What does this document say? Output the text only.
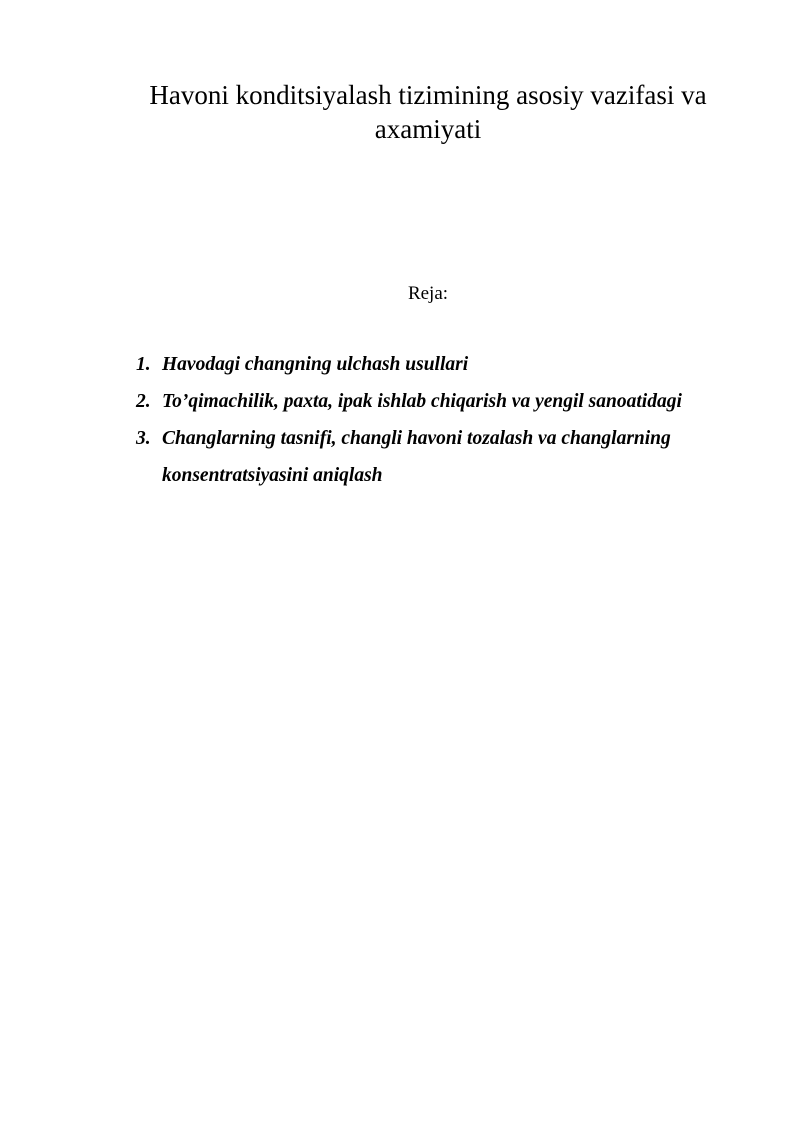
Havoni konditsiyalash tizimining asosiy vazifasi va axamiyati

Reja:

1. Havodagi changning ulchash usullari
2. To’qimachilik, paxta, ipak ishlab chiqarish va yengil sanoatidagi
3. Changlarning tasnifi, changli havoni tozalash va changlarning konsentratsiyasini aniqlash
